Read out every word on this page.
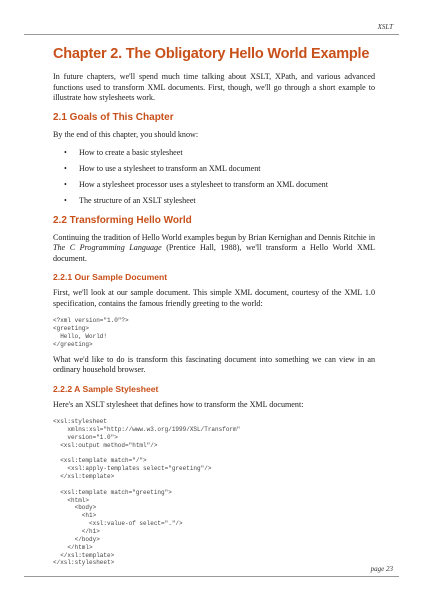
XSLT
Chapter 2. The Obligatory Hello World Example

In future chapters, we'll spend much time talking about XSLT, XPath, and various advanced functions used to transform XML documents. First, though, we'll go through a short example to illustrate how stylesheets work.

2.1 Goals of This Chapter

By the end of this chapter, you should know:

• How to create a basic stylesheet
• How to use a stylesheet to transform an XML document
• How a stylesheet processor uses a stylesheet to transform an XML document
• The structure of an XSLT stylesheet
2.2 Transforming Hello World

Continuing the tradition of Hello World examples begun by Brian Kernighan and Dennis Ritchie in The C Programming Language (Prentice Hall, 1988), we'll transform a Hello World XML document.

2.2.1 Our Sample Document

First, we'll look at our sample document. This simple XML document, courtesy of the XML 1.0 specification, contains the famous friendly greeting to the world:

<?xml version="1.0"?>
<greeting>
Hello, World!
</greeting>

What we'd like to do is transform this fascinating document into something we can view in an ordinary household browser.

2.2.2 A Sample Stylesheet

Here's an XSLT stylesheet that defines how to transform the XML document:

<xsl:stylesheet
xmlns:xsl="http://www.w3.org/1999/XSL/Transform"
version="1.0">
<xsl:output method="html"/>

<xsl:template match="/">
<xsl:apply-templates select="greeting"/>
</xsl:template>

<xsl:template match="greeting">
<html>
<body>
<h1>
<xsl:value-of select="."/>
</h1>
</body>
</html>
</xsl:template>
</xsl:stylesheet>
page 23
